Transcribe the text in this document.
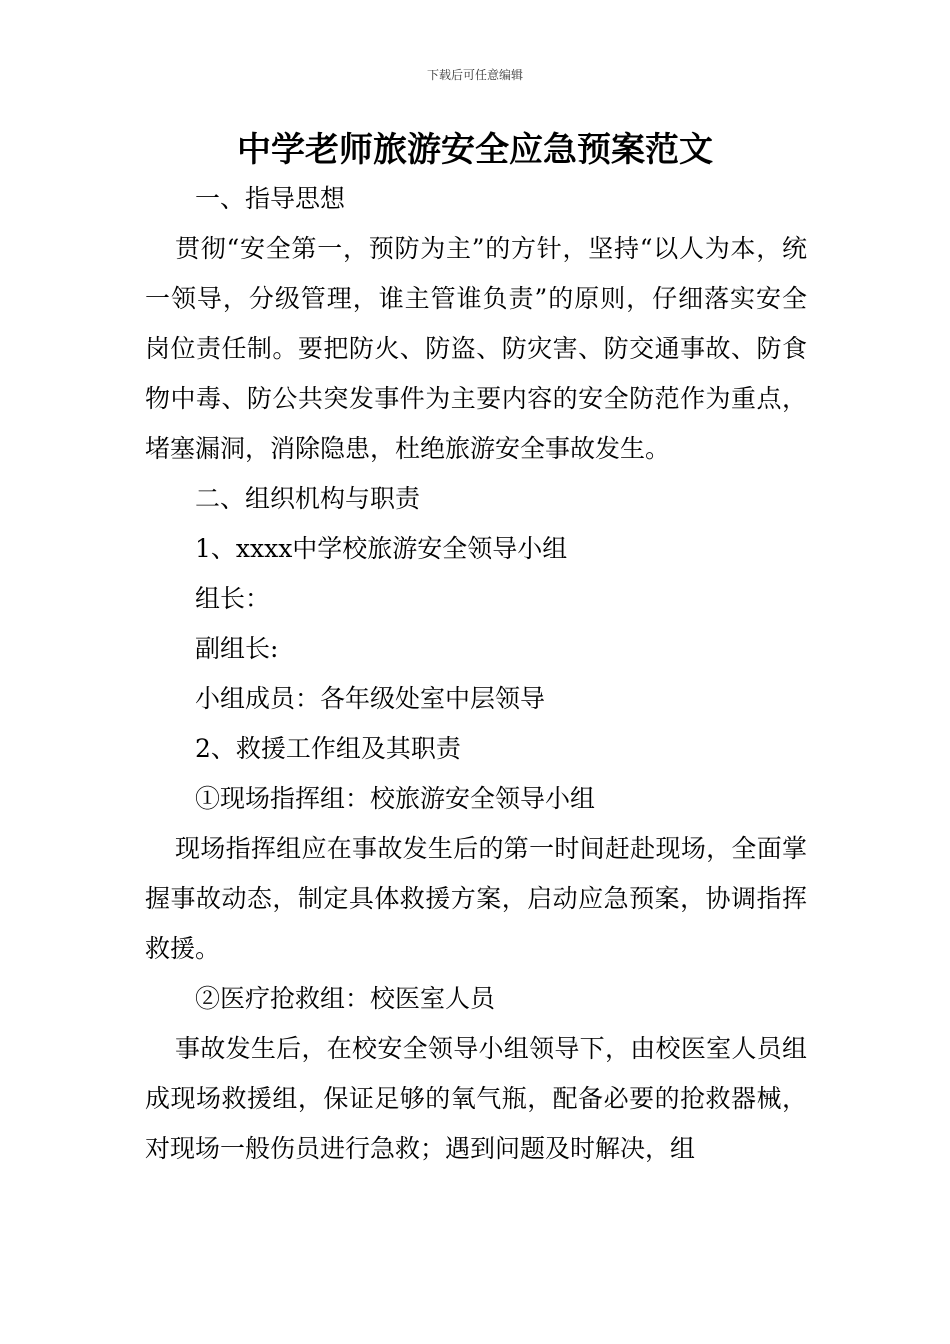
下载后可任意编辑
中学老师旅游安全应急预案范文

一、指导思想

贯彻“安全第一，预防为主”的方针，坚持“以人为本，统一领导，分级管理，谁主管谁负责”的原则，仔细落实安全岗位责任制。要把防火、防盗、防灾害、防交通事故、防食物中毒、防公共突发事件为主要内容的安全防范作为重点，堵塞漏洞，消除隐患，杜绝旅游安全事故发生。

二、组织机构与职责

1、xxxx中学校旅游安全领导小组

组长：

副组长:

小组成员：各年级处室中层领导

2、救援工作组及其职责

①现场指挥组：校旅游安全领导小组

现场指挥组应在事故发生后的第一时间赶赴现场，全面掌握事故动态，制定具体救援方案，启动应急预案，协调指挥救援。

②医疗抢救组：校医室人员

事故发生后，在校安全领导小组领导下，由校医室人员组成现场救援组，保证足够的氧气瓶，配备必要的抢救器械，对现场一般伤员进行急救；遇到问题及时解决，组
